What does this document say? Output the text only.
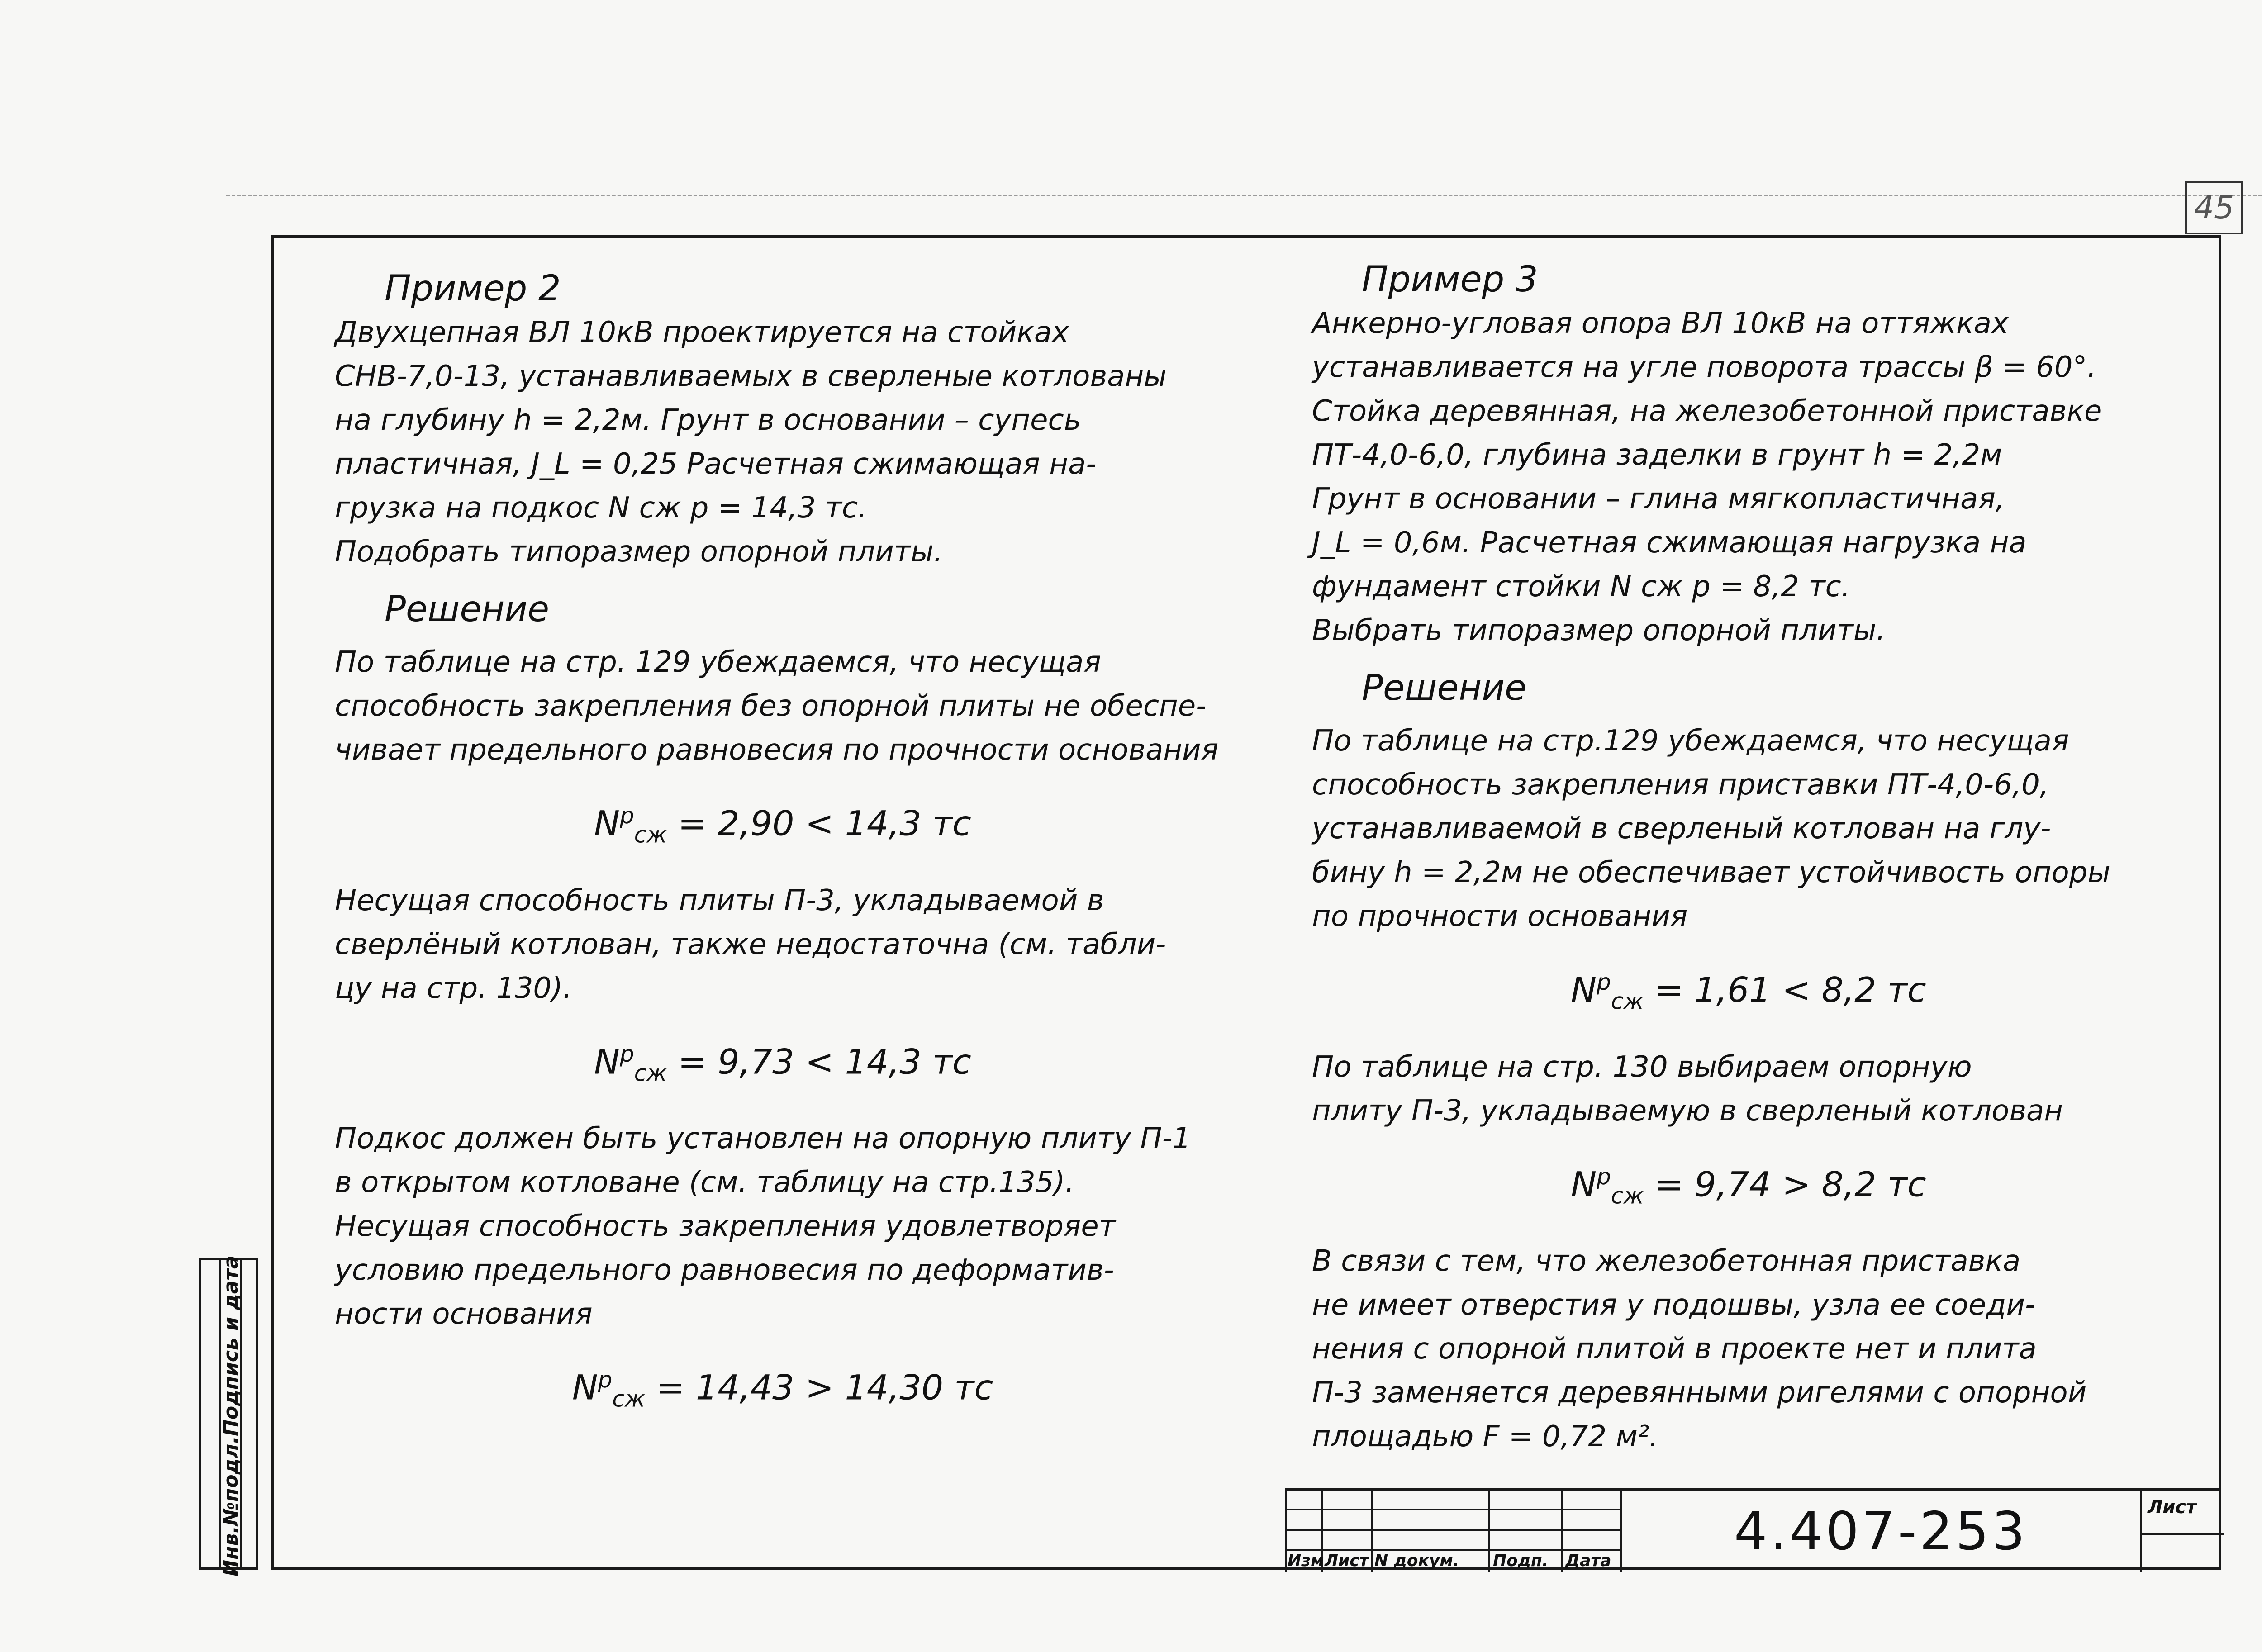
45
Инв.№подл.Подпись и дата
Пример 2

Двухцепная ВЛ 10кВ проектируется на стойках

СНВ-7,0-13, устанавливаемых в сверленые котлованы

на глубину h = 2,2м. Грунт в основании – супесь

пластичная, J_L = 0,25 Расчетная сжимающая на-

грузка на подкос N сж р = 14,3 тс.

Подобрать типоразмер опорной плиты.

Решение

По таблице на стр. 129 убеждаемся, что несущая

способность закрепления без опорной плиты не обеспе-

чивает предельного равновесия по прочности основания

$N^р_{сж} = 2,90 < 14,3$ тс

Несущая способность плиты П-3, укладываемой в

сверлёный котлован, также недостаточна (см. табли-

цу на стр. 130).

$N^р_{сж} = 9,73 < 14,3$ тс

Подкос должен быть установлен на опорную плиту П-1

в открытом котловане (см. таблицу на стр.135).

Несущая способность закрепления удовлетворяет

условию предельного равновесия по деформатив-

ности основания

$N^р_{сж} = 14,43 > 14,30$ тс
Пример 3

Анкерно-угловая опора ВЛ 10кВ на оттяжках

устанавливается на угле поворота трассы β = 60°.

Стойка деревянная, на железобетонной приставке

ПТ-4,0-6,0, глубина заделки в грунт h = 2,2м

Грунт в основании – глина мягкопластичная,

J_L = 0,6м. Расчетная сжимающая нагрузка на

фундамент стойки N сж р = 8,2 тс.

Выбрать типоразмер опорной плиты.

Решение

По таблице на стр.129 убеждаемся, что несущая

способность закрепления приставки ПТ-4,0-6,0,

устанавливаемой в сверленый котлован на глу-

бину h = 2,2м не обеспечивает устойчивость опоры

по прочности основания

$N^р_{сж} = 1,61 < 8,2$ тс

По таблице на стр. 130 выбираем опорную

плиту П-3, укладываемую в сверленый котлован

$N^р_{сж} = 9,74 > 8,2$ тс

В связи с тем, что железобетонная приставка

не имеет отверстия у подошвы, узла ее соеди-

нения с опорной плитой в проекте нет и плита

П-3 заменяется деревянными ригелями с опорной

площадью F = 0,72 м².

Изм Лист N докум. Подп. Дата	4.407-253	Лист
